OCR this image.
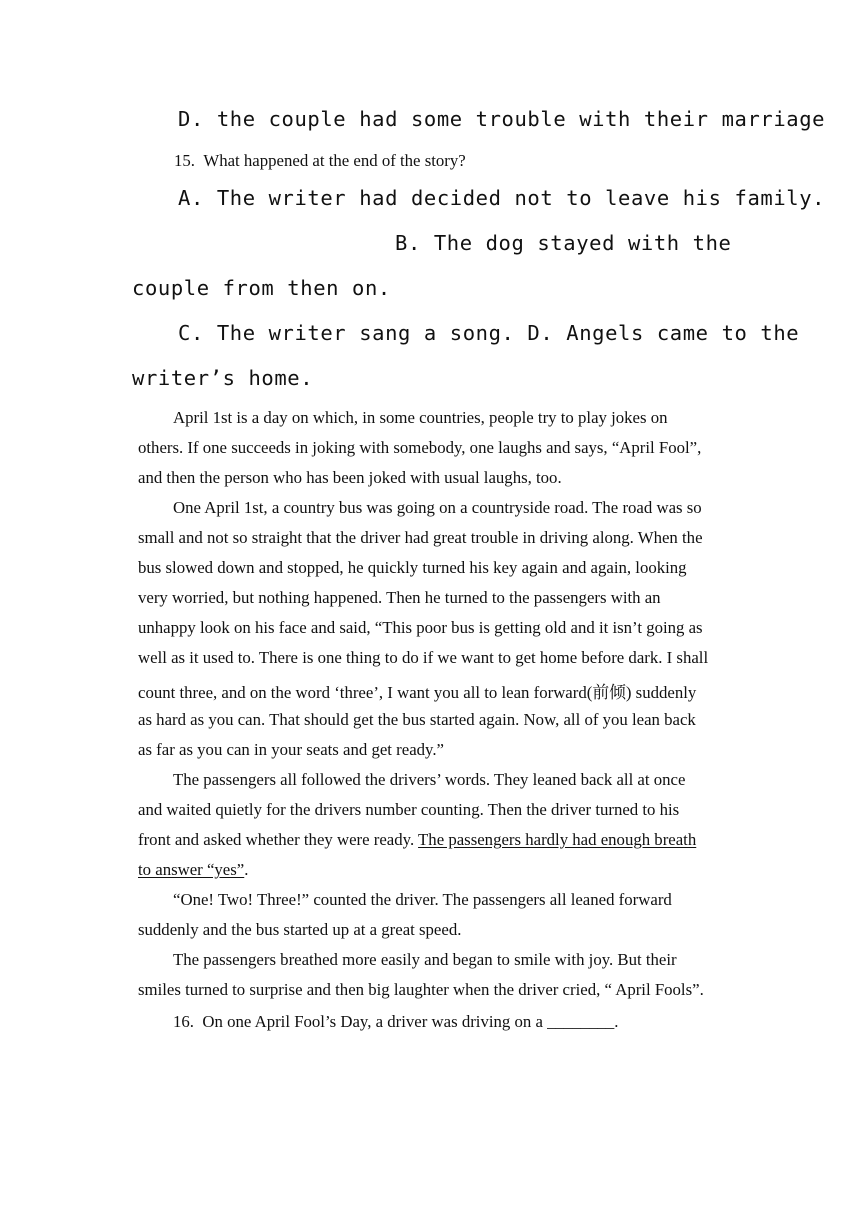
D. the couple had some trouble with their marriage
15. What happened at the end of the story?
A. The writer had decided not to leave his family.
B. The dog stayed with the
couple from then on.
C. The writer sang a song. D. Angels came to the
writer’s home.
April 1st is a day on which, in some countries, people try to play jokes on
others. If one succeeds in joking with somebody, one laughs and says, “April Fool”,
and then the person who has been joked with usual laughs, too.
One April 1st, a country bus was going on a countryside road. The road was so
small and not so straight that the driver had great trouble in driving along. When the
bus slowed down and stopped, he quickly turned his key again and again, looking
very worried, but nothing happened. Then he turned to the passengers with an
unhappy look on his face and said, “This poor bus is getting old and it isn’t going as
well as it used to. There is one thing to do if we want to get home before dark. I shall
count three, and on the word ‘three’, I want you all to lean forward(前倾) suddenly
as hard as you can. That should get the bus started again. Now, all of you lean back
as far as you can in your seats and get ready.”
The passengers all followed the drivers’ words. They leaned back all at once
and waited quietly for the drivers number counting. Then the driver turned to his
front and asked whether they were ready. The passengers hardly had enough breath
to answer “yes”.
“One! Two! Three!” counted the driver. The passengers all leaned forward
suddenly and the bus started up at a great speed.
The passengers breathed more easily and began to smile with joy. But their
smiles turned to surprise and then big laughter when the driver cried, “ April Fools”.
16. On one April Fool’s Day, a driver was driving on a ________.
